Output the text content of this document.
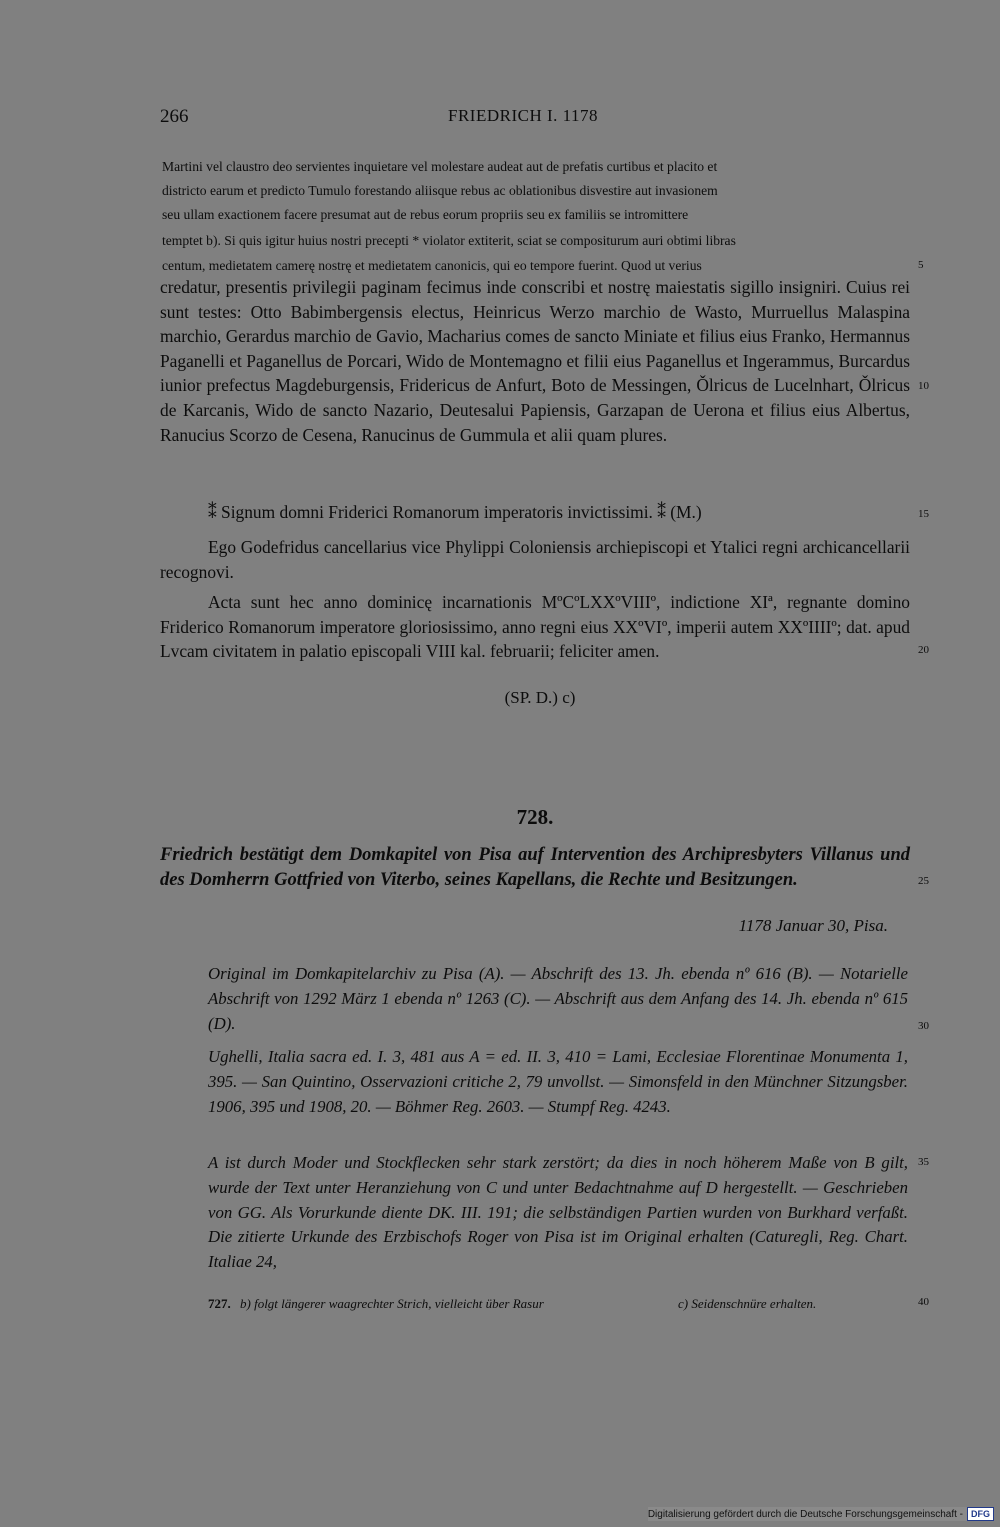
266	FRIEDRICH I. 1178
Martini vel claustro deo servientes inquietare vel molestare audeat aut de prefatis curtibus et placito et
districto earum et predicto Tumulo forestando aliisque rebus ac oblationibus disvestire aut invasionem
seu ullam exactionem facere presumat aut de rebus eorum propriis seu ex familiis se intromittere
temptet b). Si quis igitur huius nostri precepti * violator extiterit, sciat se compositurum auri obtimi libras
centum, medietatem camerę nostrę et medietatem canonicis, qui eo tempore fuerint. Quod ut verius
credatur, presentis privilegii paginam fecimus inde conscribi et nostrę maiestatis sigillo insigniri. Cuius rei sunt testes: Otto Babimbergensis electus, Heinricus Werzo marchio de Wasto, Murruellus Malaspina marchio, Gerardus marchio de Gavio, Macharius comes de sancto Miniate et filius eius Franko, Hermannus Paganelli et Paganellus de Porcari, Wido de Montemagno et filii eius Paganellus et Ingerammus, Burcardus iunior prefectus Magdeburgensis, Fridericus de Anfurt, Boto de Messingen, Ǒlricus de Lucelnhart, Ǒlricus de Karcanis, Wido de sancto Nazario, Deutesalui Papiensis, Garzapan de Uerona et filius eius Albertus, Ranucius Scorzo de Cesena, Ranucinus de Gummula et alii quam plures.
⁑ Signum domni Friderici Romanorum imperatoris invictissimi. ⁑ (M.)
Ego Godefridus cancellarius vice Phylippi Coloniensis archiepiscopi et Ytalici regni archicancellarii recognovi.
Acta sunt hec anno dominicę incarnationis MºCºLXXºVIIIº, indictione XIª, regnante domino Friderico Romanorum imperatore gloriosissimo, anno regni eius XXºVIº, imperii autem XXºIIIIº; dat. apud Lvcam civitatem in palatio episcopali VIII kal. februarii; feliciter amen.
(SP. D.) c)
728.
Friedrich bestätigt dem Domkapitel von Pisa auf Intervention des Archipresbyters Villanus und des Domherrn Gottfried von Viterbo, seines Kapellans, die Rechte und Besitzungen.
1178 Januar 30, Pisa.
Original im Domkapitelarchiv zu Pisa (A). — Abschrift des 13. Jh. ebenda nº 616 (B). — Notarielle Abschrift von 1292 März 1 ebenda nº 1263 (C). — Abschrift aus dem Anfang des 14. Jh. ebenda nº 615 (D).
Ughelli, Italia sacra ed. I. 3, 481 aus A = ed. II. 3, 410 = Lami, Ecclesiae Florentinae Monumenta 1, 395. — San Quintino, Osservazioni critiche 2, 79 unvollst. — Simonsfeld in den Münchner Sitzungsber. 1906, 395 und 1908, 20. — Böhmer Reg. 2603. — Stumpf Reg. 4243.
A ist durch Moder und Stockflecken sehr stark zerstört; da dies in noch höherem Maße von B gilt, wurde der Text unter Heranziehung von C und unter Bedachtnahme auf D hergestellt. — Geschrieben von GG. Als Vorurkunde diente DK. III. 191; die selbständigen Partien wurden von Burkhard verfaßt. Die zitierte Urkunde des Erzbischofs Roger von Pisa ist im Original erhalten (Caturegli, Reg. Chart. Italiae 24,
727. b) folgt längerer waagrechter Strich, vielleicht über Rasur	c) Seidenschnüre erhalten.
5
10
15
20
25
30
35
40
Digitalisierung gefördert durch die Deutsche Forschungsgemeinschaft - DFG
